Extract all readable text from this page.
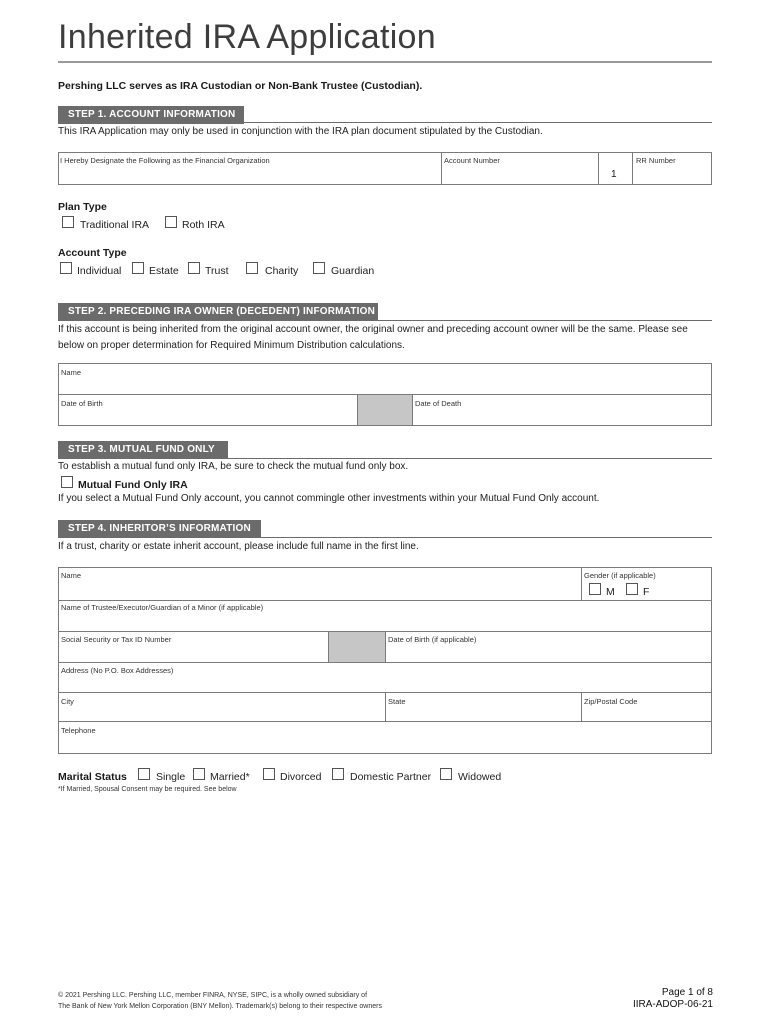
Inherited IRA Application
Pershing LLC serves as IRA Custodian or Non-Bank Trustee (Custodian).
STEP 1. ACCOUNT INFORMATION
This IRA Application may only be used in conjunction with the IRA plan document stipulated by the Custodian.
I Hereby Designate the Following as the Financial Organization	Account Number	RR Number
1
Plan Type
Traditional IRA	Roth IRA
Account Type
Individual	Estate Trust	Charity	Guardian
STEP 2. PRECEDING IRA OWNER (DECEDENT) INFORMATION
If this account is being inherited from the original account owner, the original owner and preceding account owner will be the same. Please see below on proper determination for Required Minimum Distribution calculations.
Name
Date of Birth	Date of Death
STEP 3. MUTUAL FUND ONLY
To establish a mutual fund only IRA, be sure to check the mutual fund only box.
Mutual Fund Only IRA
If you select a Mutual Fund Only account, you cannot commingle other investments within your Mutual Fund Only account.
STEP 4. INHERITOR’S INFORMATION
If a trust, charity or estate inherit account, please include full name in the first line.
Name	Gender (if applicable)
M	F
Name of Trustee/Executor/Guardian of a Minor (if applicable)
Social Security or Tax ID Number	Date of Birth (if applicable)
Address (No P.O. Box Addresses)
City	State	Zip/Postal Code
Telephone
Marital Status	Single Married*	Divorced	Domestic Partner	Widowed
*If Married, Spousal Consent may be required. See below
© 2021 Pershing LLC. Pershing LLC, member FINRA, NYSE, SIPC, is a wholly owned subsidiary of
The Bank of New York Mellon Corporation (BNY Mellon). Trademark(s) belong to their respective owners
Page 1 of 8
IIRA-ADOP-06-21
